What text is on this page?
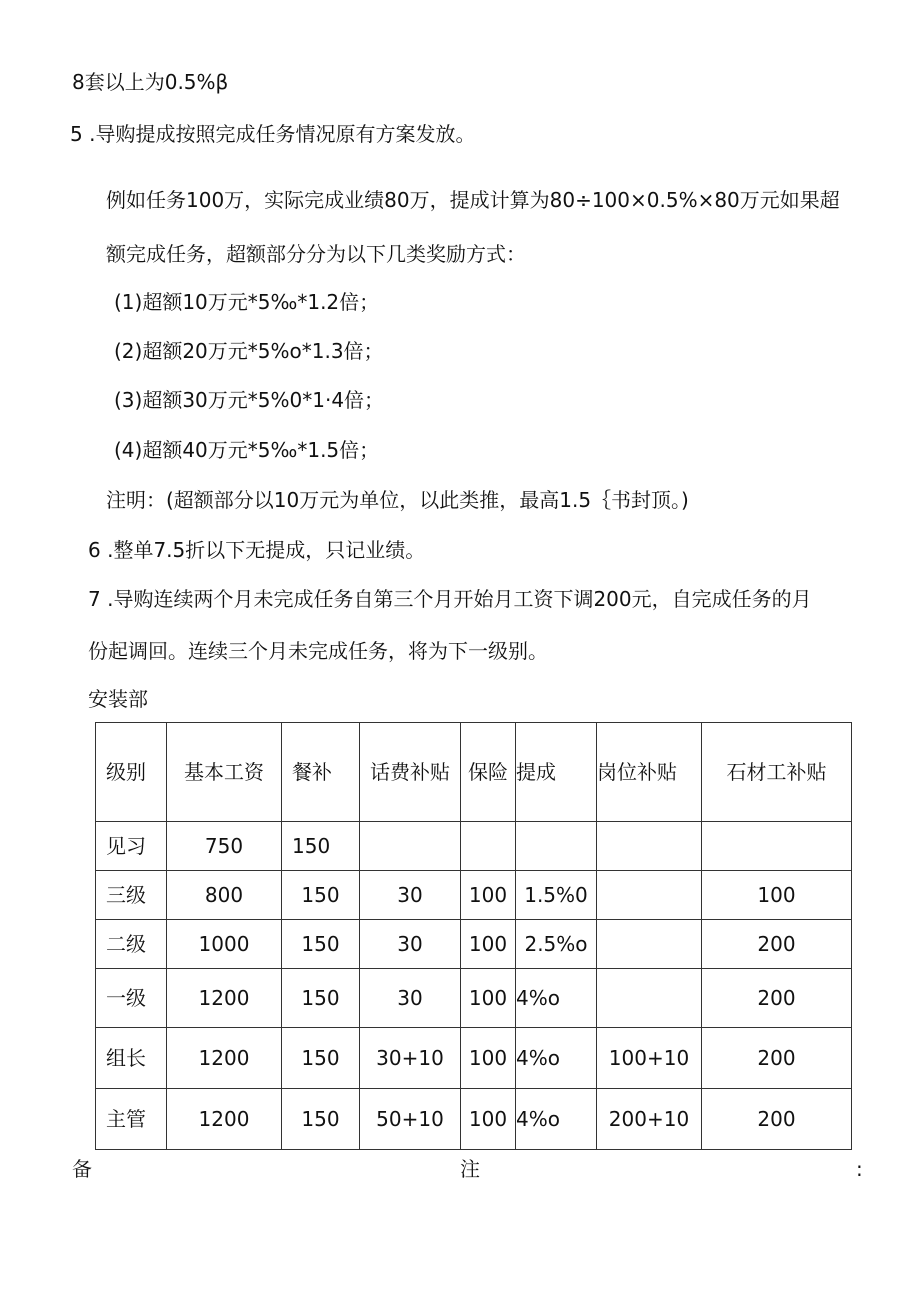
8套以上为0.5%β
5 .导购提成按照完成任务情况原有方案发放。
例如任务100万，实际完成业绩80万，提成计算为80÷100×0.5%×80万元如果超
额完成任务，超额部分分为以下几类奖励方式：
(1)超额10万元*5‰*1.2倍；
(2)超额20万元*5%o*1.3倍；
(3)超额30万元*5%0*1·4倍；
(4)超额40万元*5‰*1.5倍；
注明：(超额部分以10万元为单位，以此类推，最高1.5｛书封顶。)
6 .整单7.5折以下无提成，只记业绩。
7 .导购连续两个月未完成任务自第三个月开始月工资下调200元，自完成任务的月
份起调回。连续三个月未完成任务，将为下一级别。
安装部
级别	基本工资	餐补	话费补贴	保险	提成	岗位补贴	石材工补贴
见习	750	150					
三级	800	150	30	100	1.5%0		100
二级	1000	150	30	100	2.5%o		200
一级	1200	150	30	100	4%o		200
组长	1200	150	30+10	100	4%o	100+10	200
主管	1200	150	50+10	100	4%o	200+10	200
备	注	:
